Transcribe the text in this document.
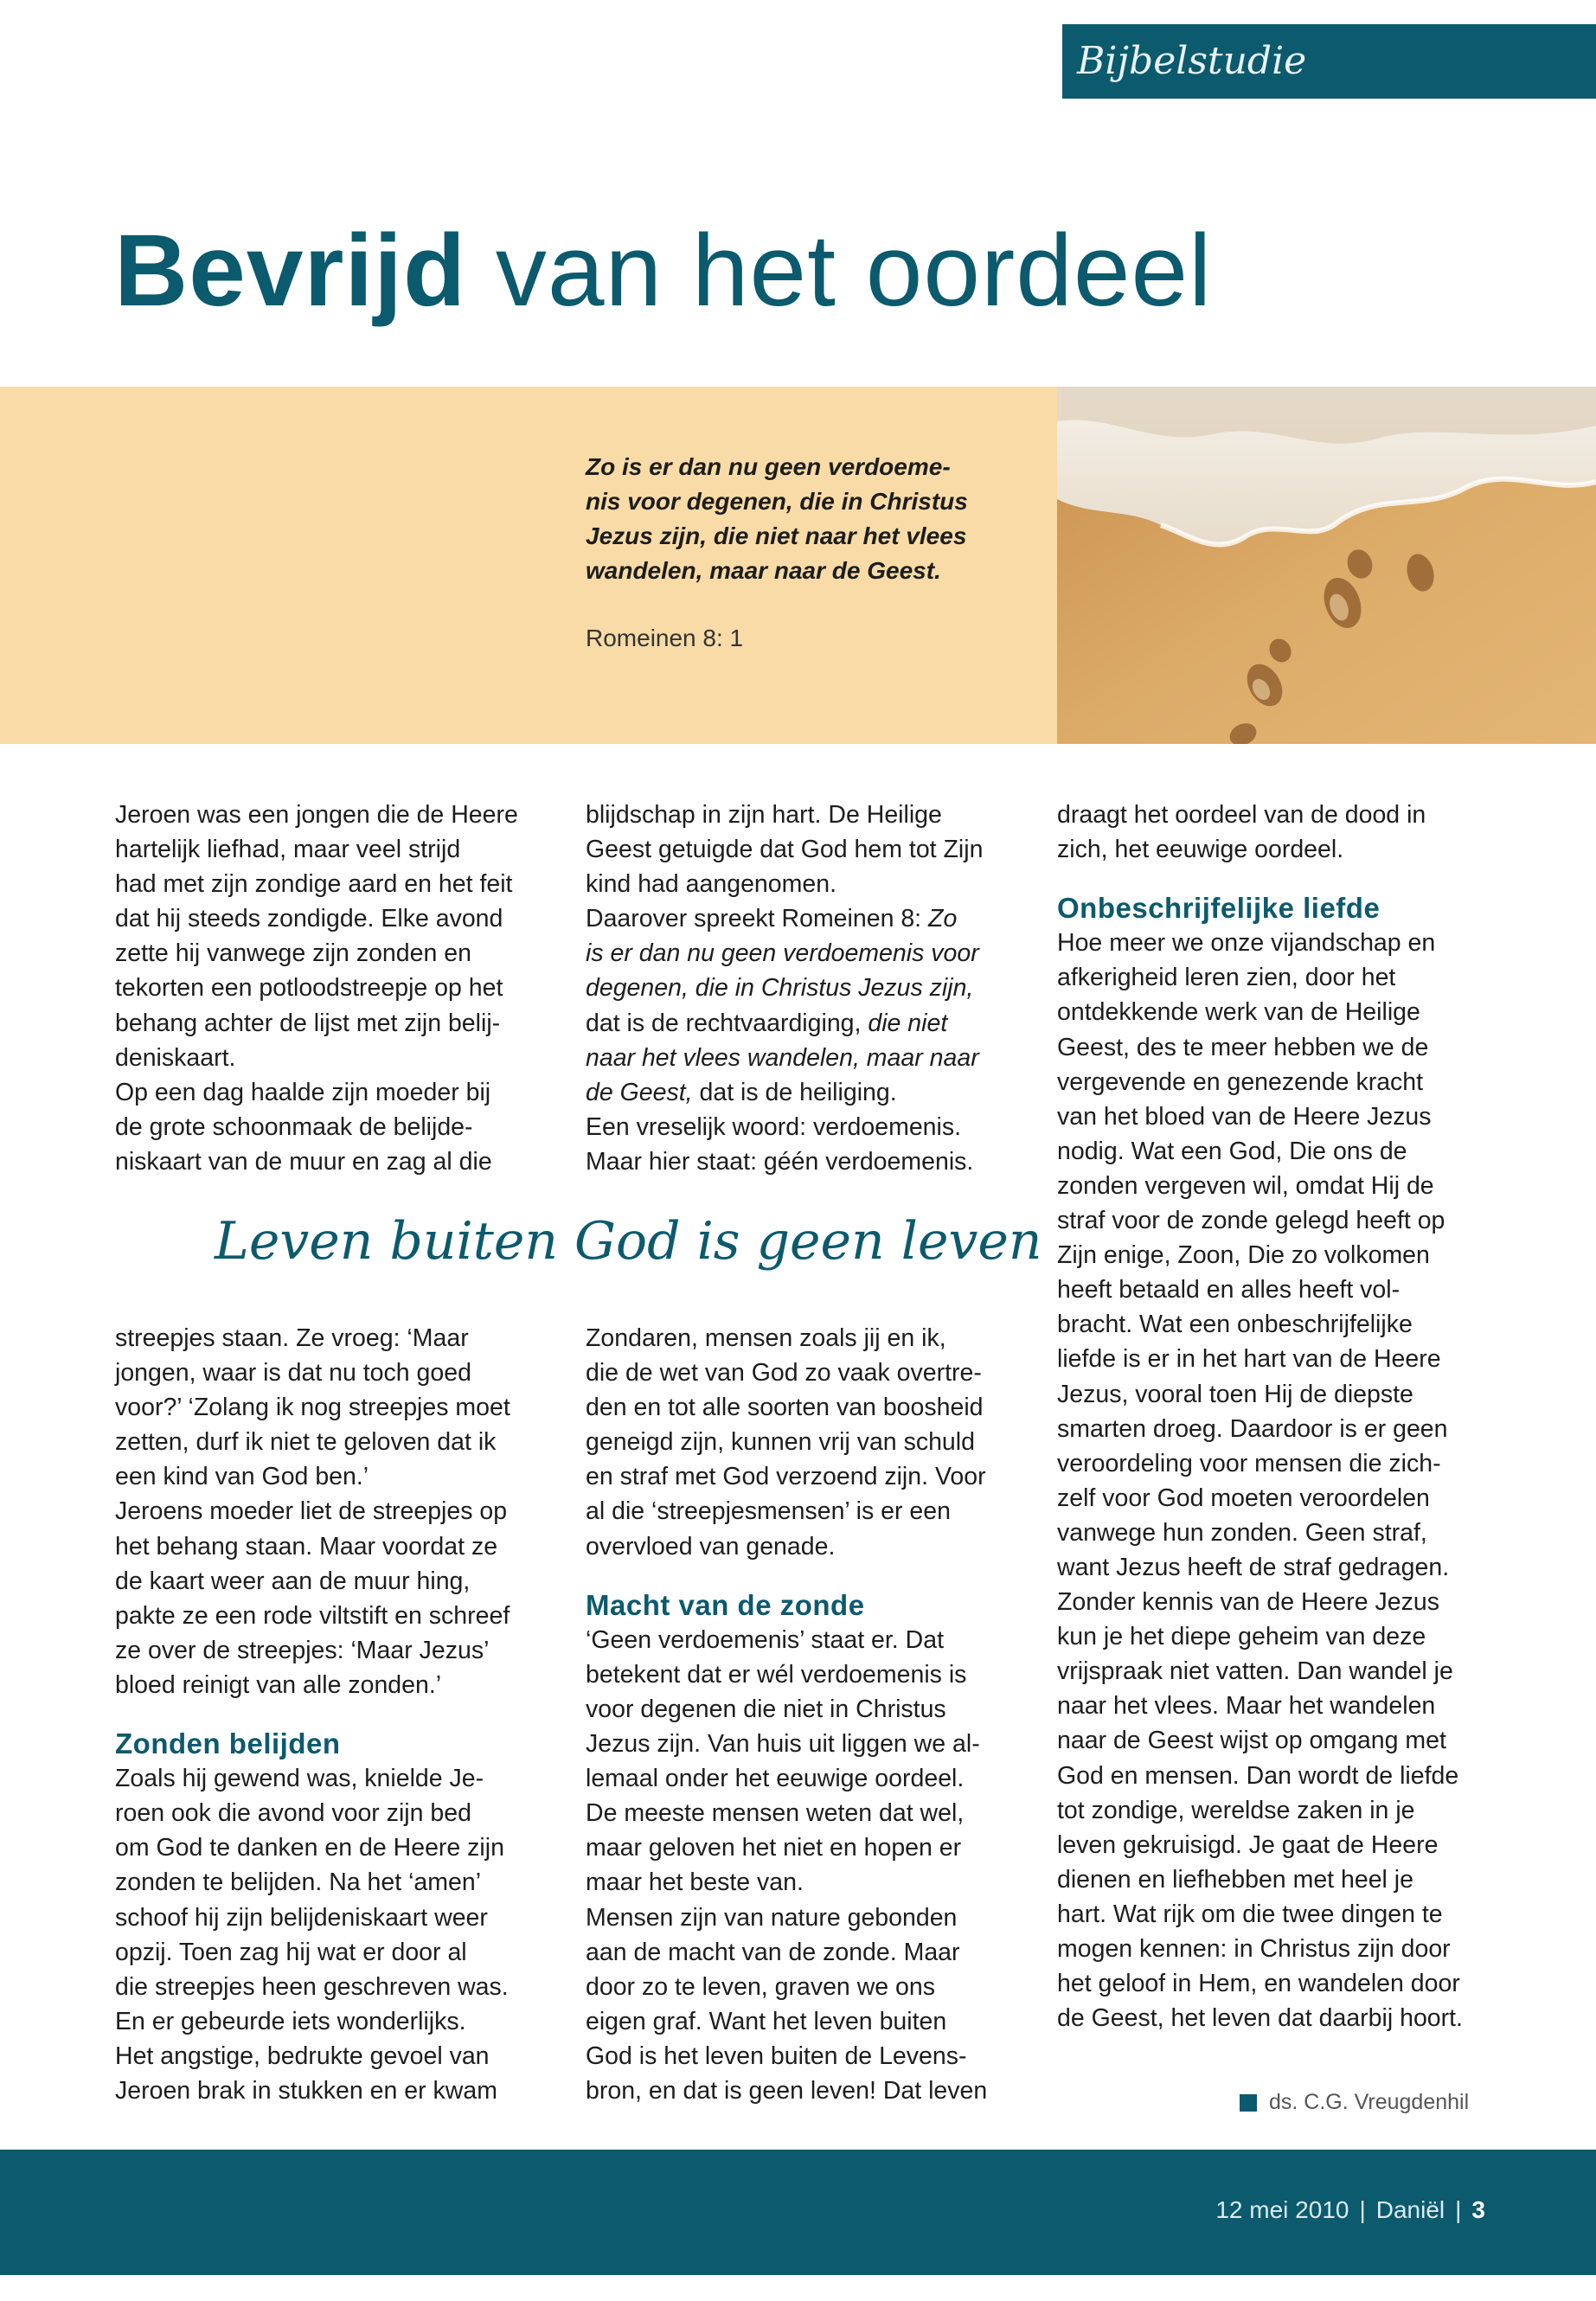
Bijbelstudie
Bevrijd van het oordeel

Zo is er dan nu geen verdoeme-
nis voor degenen, die in Christus
Jezus zijn, die niet naar het vlees
wandelen, maar naar de Geest.

Romeinen 8: 1

Jeroen was een jongen die de Heere
hartelijk liefhad, maar veel strijd
had met zijn zondige aard en het feit
dat hij steeds zondigde. Elke avond
zette hij vanwege zijn zonden en
tekorten een potloodstreepje op het
behang achter de lijst met zijn belij-
deniskaart.
Op een dag haalde zijn moeder bij
de grote schoonmaak de belijde-
niskaart van de muur en zag al die

blijdschap in zijn hart. De Heilige
Geest getuigde dat God hem tot Zijn
kind had aangenomen.
Daarover spreekt Romeinen 8: Zo
is er dan nu geen verdoemenis voor
degenen, die in Christus Jezus zijn,
dat is de rechtvaardiging, die niet
naar het vlees wandelen, maar naar
de Geest, dat is de heiliging.
Een vreselijk woord: verdoemenis.
Maar hier staat: géén verdoemenis.

Leven buiten God is geen leven

streepjes staan. Ze vroeg: ‘Maar
jongen, waar is dat nu toch goed
voor?’ ‘Zolang ik nog streepjes moet
zetten, durf ik niet te geloven dat ik
een kind van God ben.’
Jeroens moeder liet de streepjes op
het behang staan. Maar voordat ze
de kaart weer aan de muur hing,
pakte ze een rode viltstift en schreef
ze over de streepjes: ‘Maar Jezus’
bloed reinigt van alle zonden.’

Zonden belijden

Zoals hij gewend was, knielde Je-
roen ook die avond voor zijn bed
om God te danken en de Heere zijn
zonden te belijden. Na het ‘amen’
schoof hij zijn belijdeniskaart weer
opzij. Toen zag hij wat er door al
die streepjes heen geschreven was.
En er gebeurde iets wonderlijks.
Het angstige, bedrukte gevoel van
Jeroen brak in stukken en er kwam

Zondaren, mensen zoals jij en ik,
die de wet van God zo vaak overtre-
den en tot alle soorten van boosheid
geneigd zijn, kunnen vrij van schuld
en straf met God verzoend zijn. Voor
al die ‘streepjesmensen’ is er een
overvloed van genade.

Macht van de zonde

‘Geen verdoemenis’ staat er. Dat
betekent dat er wél verdoemenis is
voor degenen die niet in Christus
Jezus zijn. Van huis uit liggen we al-
lemaal onder het eeuwige oordeel.
De meeste mensen weten dat wel,
maar geloven het niet en hopen er
maar het beste van.
Mensen zijn van nature gebonden
aan de macht van de zonde. Maar
door zo te leven, graven we ons
eigen graf. Want het leven buiten
God is het leven buiten de Levens-
bron, en dat is geen leven! Dat leven

draagt het oordeel van de dood in
zich, het eeuwige oordeel.

Onbeschrijfelijke liefde

Hoe meer we onze vijandschap en
afkerigheid leren zien, door het
ontdekkende werk van de Heilige
Geest, des te meer hebben we de
vergevende en genezende kracht
van het bloed van de Heere Jezus
nodig. Wat een God, Die ons de
zonden vergeven wil, omdat Hij de
straf voor de zonde gelegd heeft op
Zijn enige, Zoon, Die zo volkomen
heeft betaald en alles heeft vol-
bracht. Wat een onbeschrijfelijke
liefde is er in het hart van de Heere
Jezus, vooral toen Hij de diepste
smarten droeg. Daardoor is er geen
veroordeling voor mensen die zich-
zelf voor God moeten veroordelen
vanwege hun zonden. Geen straf,
want Jezus heeft de straf gedragen.
Zonder kennis van de Heere Jezus
kun je het diepe geheim van deze
vrijspraak niet vatten. Dan wandel je
naar het vlees. Maar het wandelen
naar de Geest wijst op omgang met
God en mensen. Dan wordt de liefde
tot zondige, wereldse zaken in je
leven gekruisigd. Je gaat de Heere
dienen en liefhebben met heel je
hart. Wat rijk om die twee dingen te
mogen kennen: in Christus zijn door
het geloof in Hem, en wandelen door
de Geest, het leven dat daarbij hoort.

ds. C.G. Vreugdenhil
12 mei 2010 | Daniël | 3
